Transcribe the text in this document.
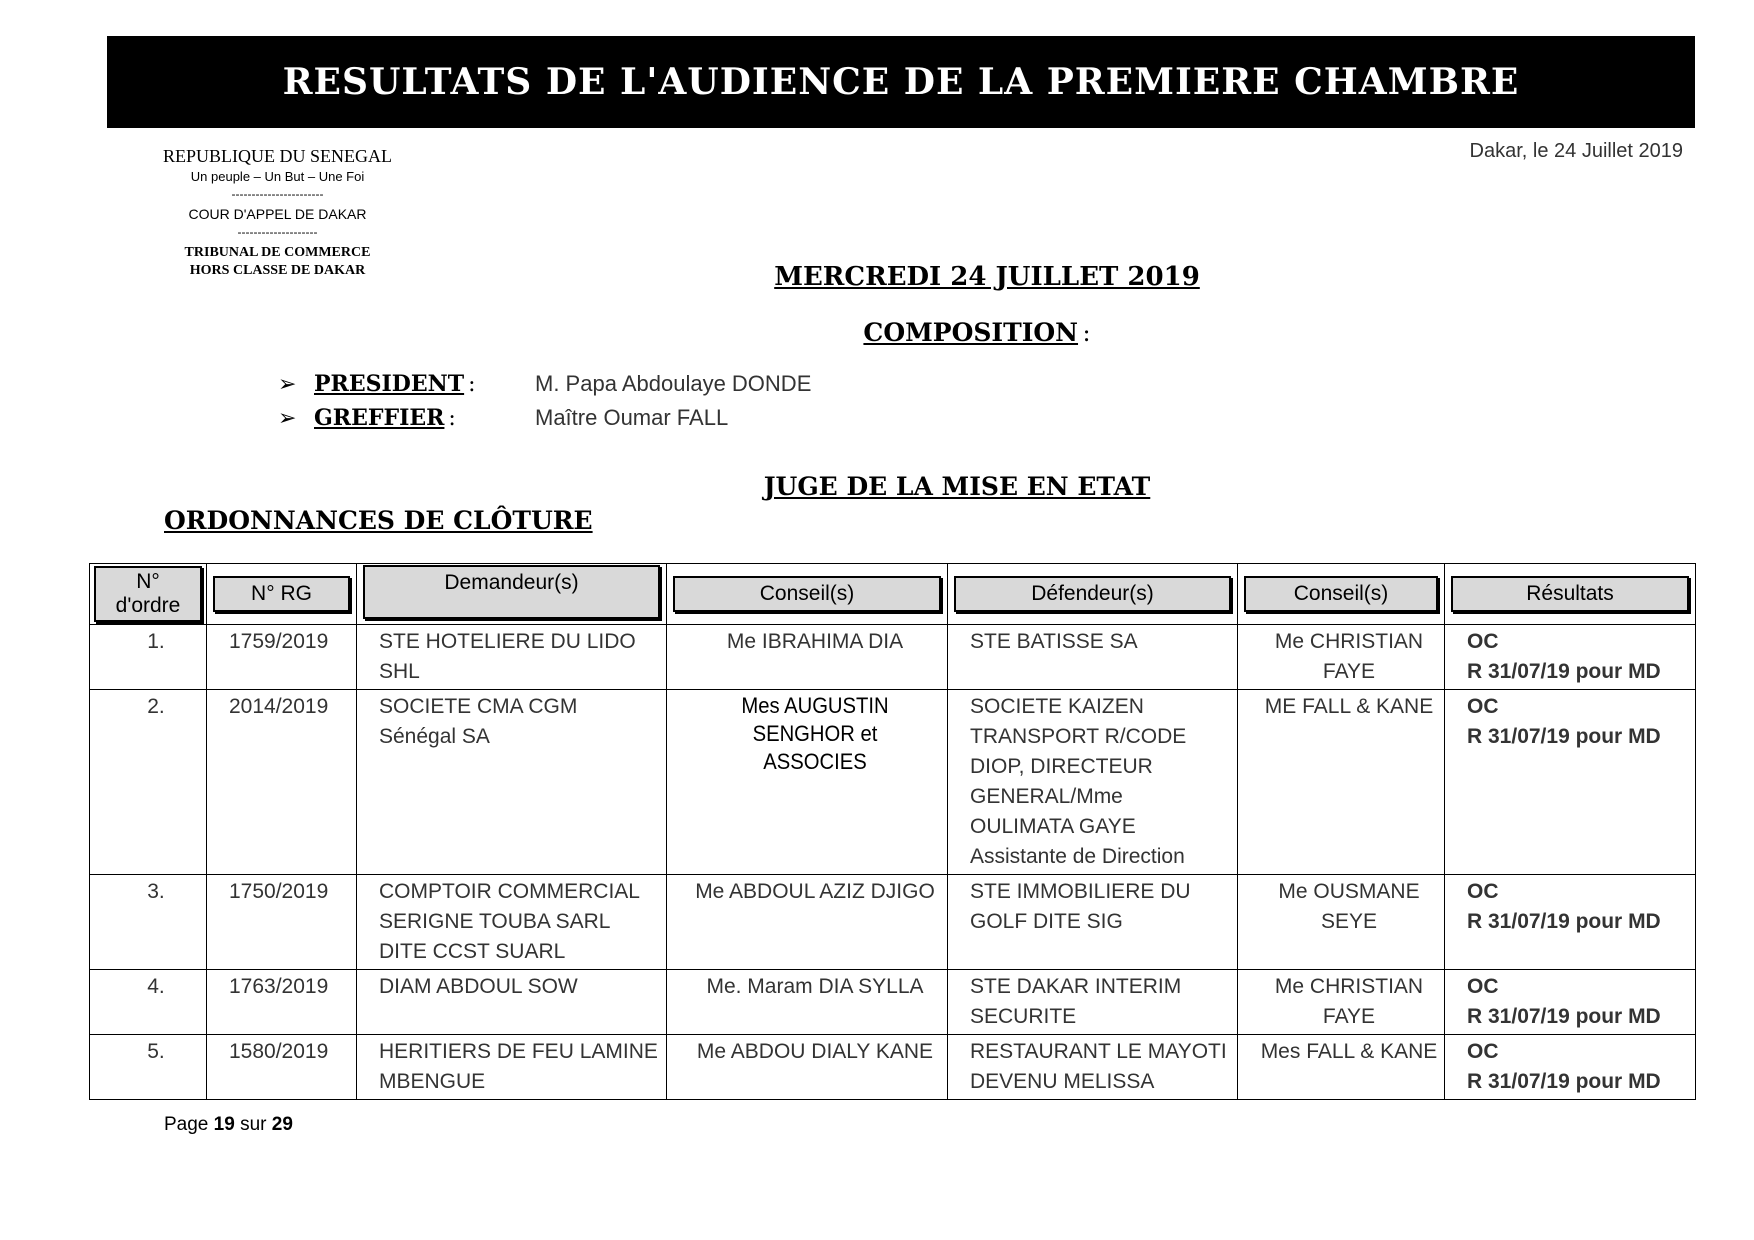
RESULTATS DE L'AUDIENCE DE LA PREMIERE CHAMBRE
REPUBLIQUE DU SENEGAL
Un peuple – Un But – Une Foi
-----------------------
COUR D'APPEL DE DAKAR
--------------------
TRIBUNAL DE COMMERCE
HORS CLASSE DE DAKAR
Dakar, le 24 Juillet 2019
MERCREDI 24 JUILLET 2019
COMPOSITION :
➢ PRESIDENT :	M. Papa Abdoulaye DONDE
➢ GREFFIER :	Maître Oumar FALL
JUGE DE LA MISE EN ETAT
ORDONNANCES DE CLÔTURE
N°
d'ordre	N° RG	Demandeur(s)	Conseil(s)	Défendeur(s)	Conseil(s)	Résultats

1.	1759/2019	STE HOTELIERE DU LIDO SHL	Me IBRAHIMA DIA	STE BATISSE SA	Me CHRISTIAN FAYE	OC
R 31/07/19 pour MD

2.	2014/2019	SOCIETE CMA CGM Sénégal SA	Mes AUGUSTIN SENGHOR et ASSOCIES	SOCIETE KAIZEN TRANSPORT R/CODE DIOP, DIRECTEUR GENERAL/Mme OULIMATA GAYE Assistante de Direction	ME FALL & KANE	OC
R 31/07/19 pour MD

3.	1750/2019	COMPTOIR COMMERCIAL SERIGNE TOUBA SARL DITE CCST SUARL	Me ABDOUL AZIZ DJIGO	STE IMMOBILIERE DU GOLF DITE SIG	Me OUSMANE SEYE	OC
R 31/07/19 pour MD

4.	1763/2019	DIAM ABDOUL SOW	Me. Maram DIA SYLLA	STE DAKAR INTERIM SECURITE	Me CHRISTIAN FAYE	OC
R 31/07/19 pour MD

5.	1580/2019	HERITIERS DE FEU LAMINE MBENGUE	Me ABDOU DIALY KANE	RESTAURANT LE MAYOTI DEVENU MELISSA	Mes FALL & KANE	OC
R 31/07/19 pour MD
Page 19 sur 29
